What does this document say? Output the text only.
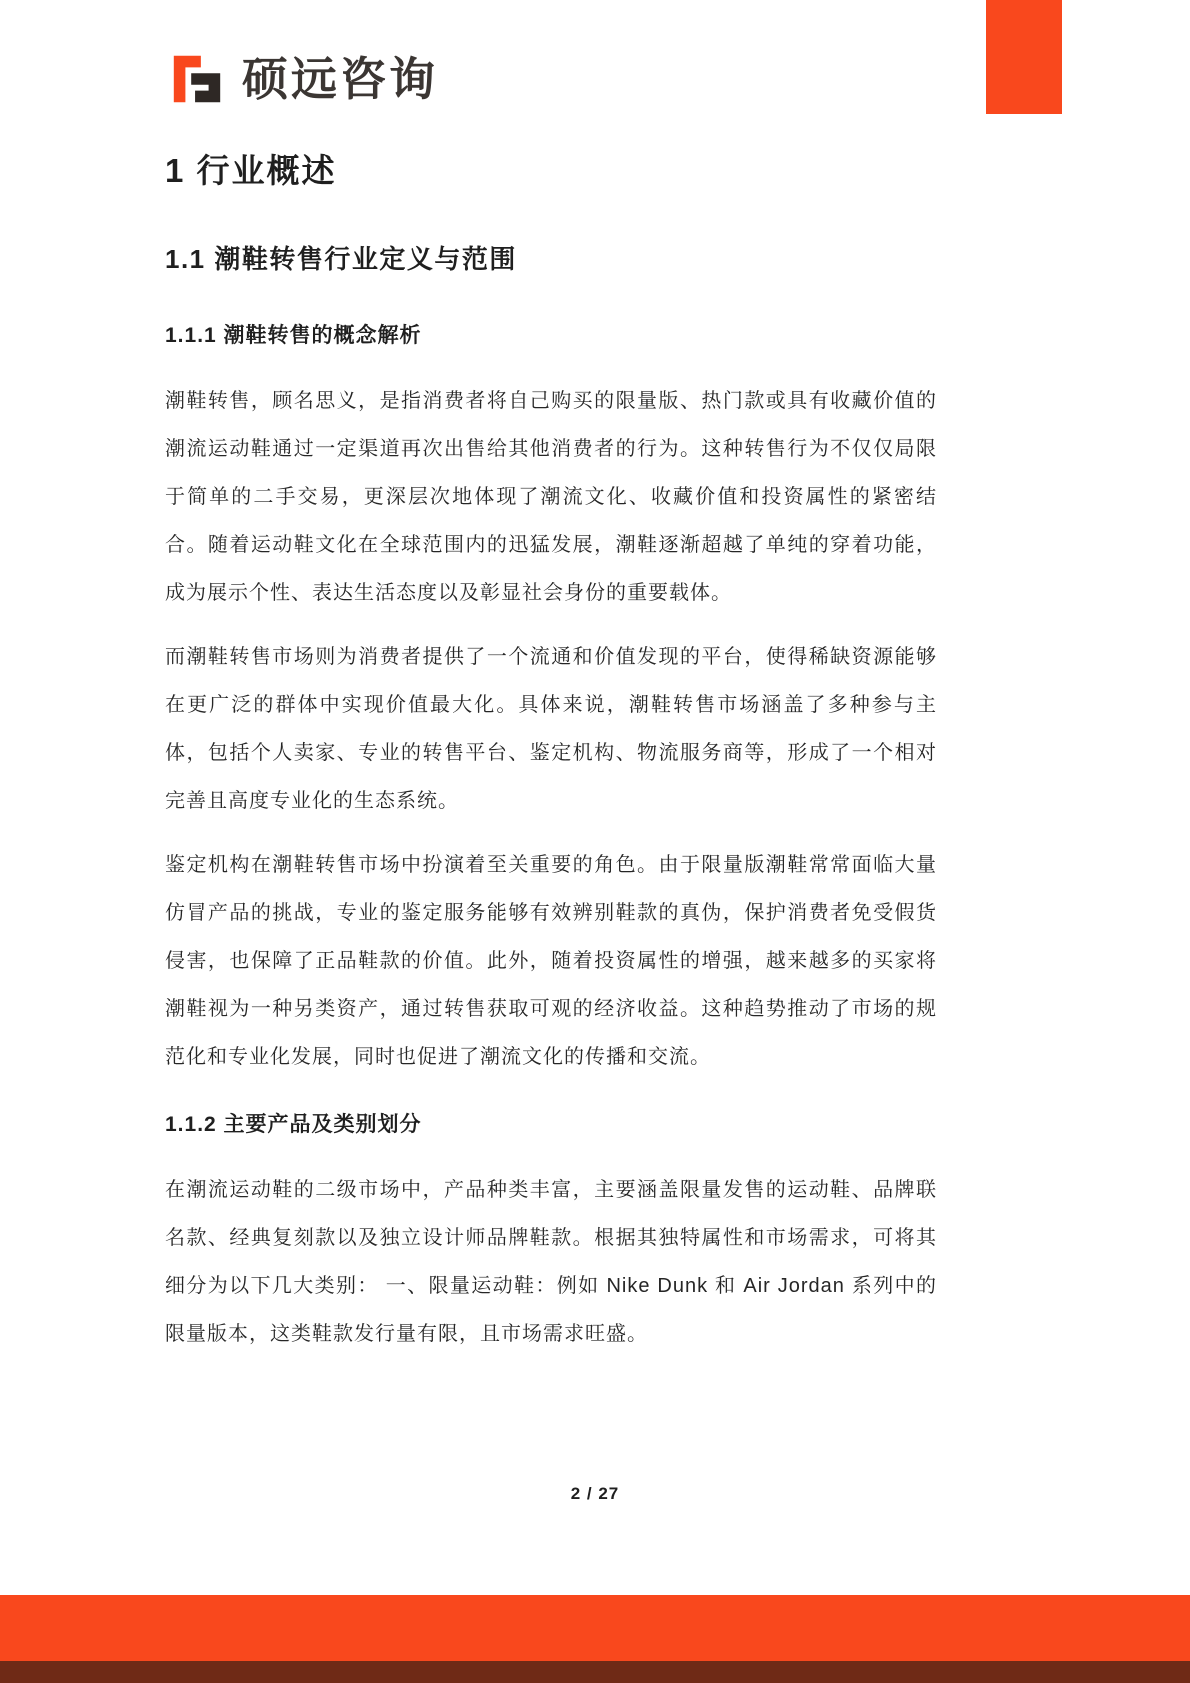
硕远咨询
1 行业概述
1.1 潮鞋转售行业定义与范围
1.1.1 潮鞋转售的概念解析

潮鞋转售，顾名思义，是指消费者将自己购买的限量版、热门款或具有收藏价值的潮流运动鞋通过一定渠道再次出售给其他消费者的行为。这种转售行为不仅仅局限于简单的二手交易，更深层次地体现了潮流文化、收藏价值和投资属性的紧密结合。随着运动鞋文化在全球范围内的迅猛发展，潮鞋逐渐超越了单纯的穿着功能，成为展示个性、表达生活态度以及彰显社会身份的重要载体。

而潮鞋转售市场则为消费者提供了一个流通和价值发现的平台，使得稀缺资源能够在更广泛的群体中实现价值最大化。具体来说，潮鞋转售市场涵盖了多种参与主体，包括个人卖家、专业的转售平台、鉴定机构、物流服务商等，形成了一个相对完善且高度专业化的生态系统。

鉴定机构在潮鞋转售市场中扮演着至关重要的角色。由于限量版潮鞋常常面临大量仿冒产品的挑战，专业的鉴定服务能够有效辨别鞋款的真伪，保护消费者免受假货侵害，也保障了正品鞋款的价值。此外，随着投资属性的增强，越来越多的买家将潮鞋视为一种另类资产，通过转售获取可观的经济收益。这种趋势推动了市场的规范化和专业化发展，同时也促进了潮流文化的传播和交流。

1.1.2 主要产品及类别划分

在潮流运动鞋的二级市场中，产品种类丰富，主要涵盖限量发售的运动鞋、品牌联名款、经典复刻款以及独立设计师品牌鞋款。根据其独特属性和市场需求，可将其细分为以下几大类别： 一、限量运动鞋：例如 Nike Dunk 和 Air Jordan 系列中的限量版本，这类鞋款发行量有限，且市场需求旺盛。

2 / 27
